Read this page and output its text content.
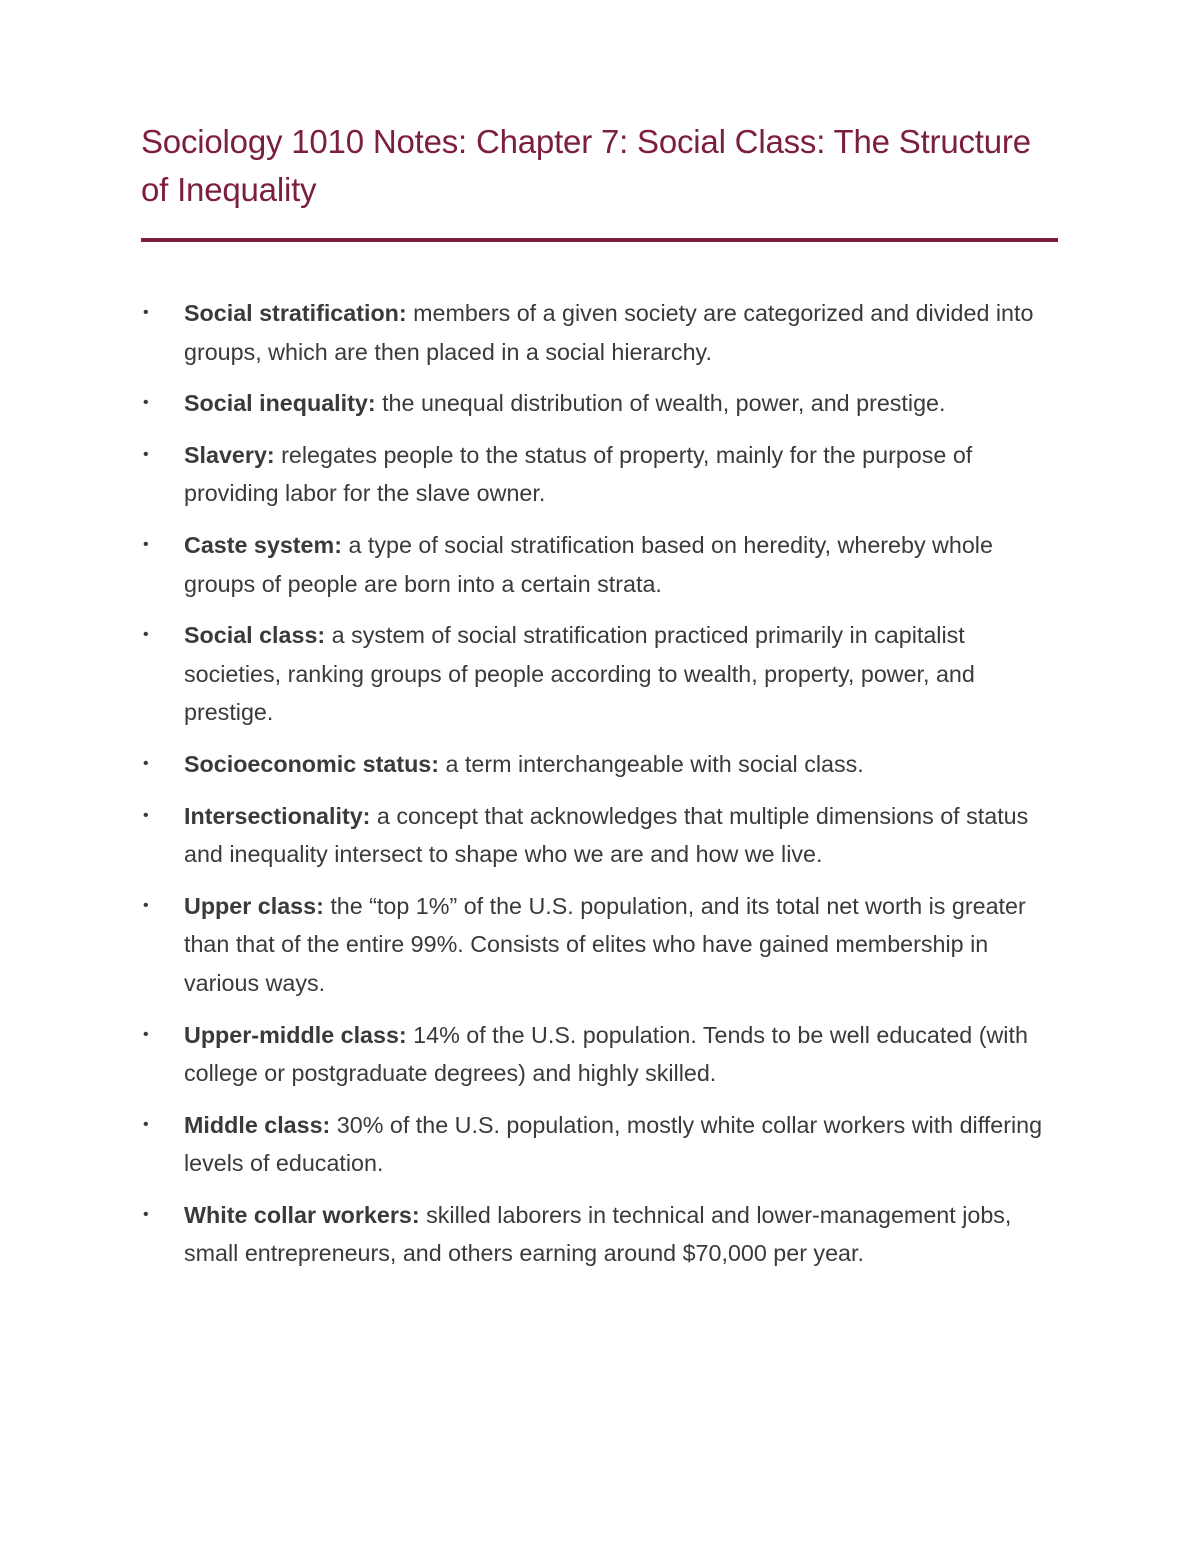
Sociology 1010 Notes: Chapter 7: Social Class: The Structure of Inequality
• Social stratification: members of a given society are categorized and divided into groups, which are then placed in a social hierarchy.
• Social inequality: the unequal distribution of wealth, power, and prestige.
• Slavery: relegates people to the status of property, mainly for the purpose of providing labor for the slave owner.
• Caste system: a type of social stratification based on heredity, whereby whole groups of people are born into a certain strata.
• Social class: a system of social stratification practiced primarily in capitalist societies, ranking groups of people according to wealth, property, power, and prestige.
• Socioeconomic status: a term interchangeable with social class.
• Intersectionality: a concept that acknowledges that multiple dimensions of status and inequality intersect to shape who we are and how we live.
• Upper class: the “top 1%” of the U.S. population, and its total net worth is greater than that of the entire 99%. Consists of elites who have gained membership in various ways.
• Upper-middle class: 14% of the U.S. population. Tends to be well educated (with college or postgraduate degrees) and highly skilled.
• Middle class: 30% of the U.S. population, mostly white collar workers with differing levels of education.
• White collar workers: skilled laborers in technical and lower-management jobs, small entrepreneurs, and others earning around $70,000 per year.
